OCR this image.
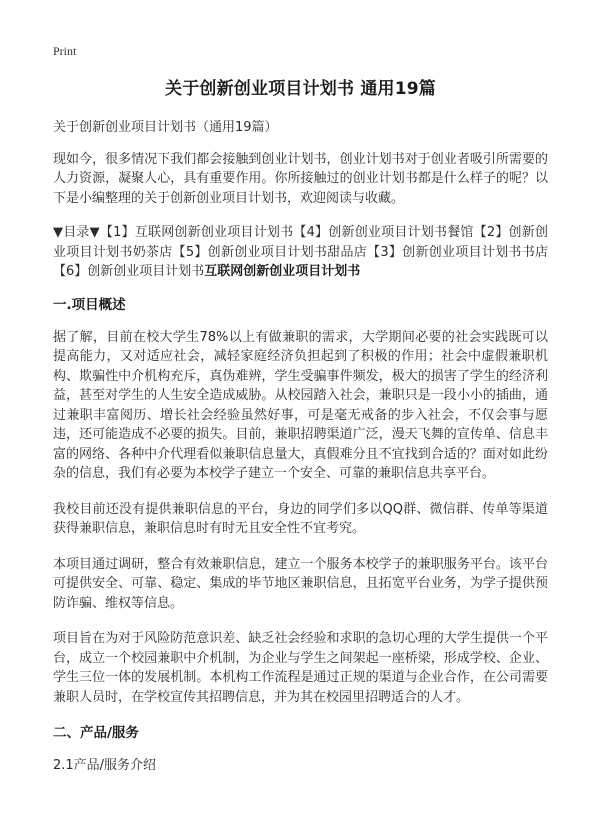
Print
关于创新创业项目计划书 通用19篇

关于创新创业项目计划书（通用19篇）

现如今，很多情况下我们都会接触到创业计划书，创业计划书对于创业者吸引所需要的人力资源，凝聚人心，具有重要作用。你所接触过的创业计划书都是什么样子的呢？以下是小编整理的关于创新创业项目计划书，欢迎阅读与收藏。

▼目录▼【1】互联网创新创业项目计划书【4】创新创业项目计划书餐馆【2】创新创业项目计划书奶茶店【5】创新创业项目计划书甜品店【3】创新创业项目计划书书店【6】创新创业项目计划书互联网创新创业项目计划书

一.项目概述

据了解，目前在校大学生78%以上有做兼职的需求，大学期间必要的社会实践既可以提高能力，又对适应社会，减轻家庭经济负担起到了积极的作用；社会中虚假兼职机构、欺骗性中介机构充斥，真伪难辨，学生受骗事件频发，极大的损害了学生的经济利益，甚至对学生的人生安全造成威胁。从校园踏入社会，兼职只是一段小小的插曲，通过兼职丰富阅历、增长社会经验虽然好事，可是毫无戒备的步入社会，不仅会事与愿违，还可能造成不必要的损失。目前，兼职招聘渠道广泛，漫天飞舞的宣传单、信息丰富的网络、各种中介代理看似兼职信息量大，真假难分且不宜找到合适的？面对如此纷杂的信息，我们有必要为本校学子建立一个安全、可靠的兼职信息共享平台。

我校目前还没有提供兼职信息的平台，身边的同学们多以QQ群、微信群、传单等渠道获得兼职信息，兼职信息时有时无且安全性不宜考究。

本项目通过调研，整合有效兼职信息，建立一个服务本校学子的兼职服务平台。该平台可提供安全、可靠、稳定、集成的毕节地区兼职信息，且拓宽平台业务，为学子提供预防诈骗、维权等信息。

项目旨在为对于风险防范意识差、缺乏社会经验和求职的急切心理的大学生提供一个平台，成立一个校园兼职中介机制，为企业与学生之间架起一座桥梁，形成学校、企业、学生三位一体的发展机制。本机构工作流程是通过正规的渠道与企业合作，在公司需要兼职人员时，在学校宣传其招聘信息，并为其在校园里招聘适合的人才。

二、产品/服务

2.1产品/服务介绍
